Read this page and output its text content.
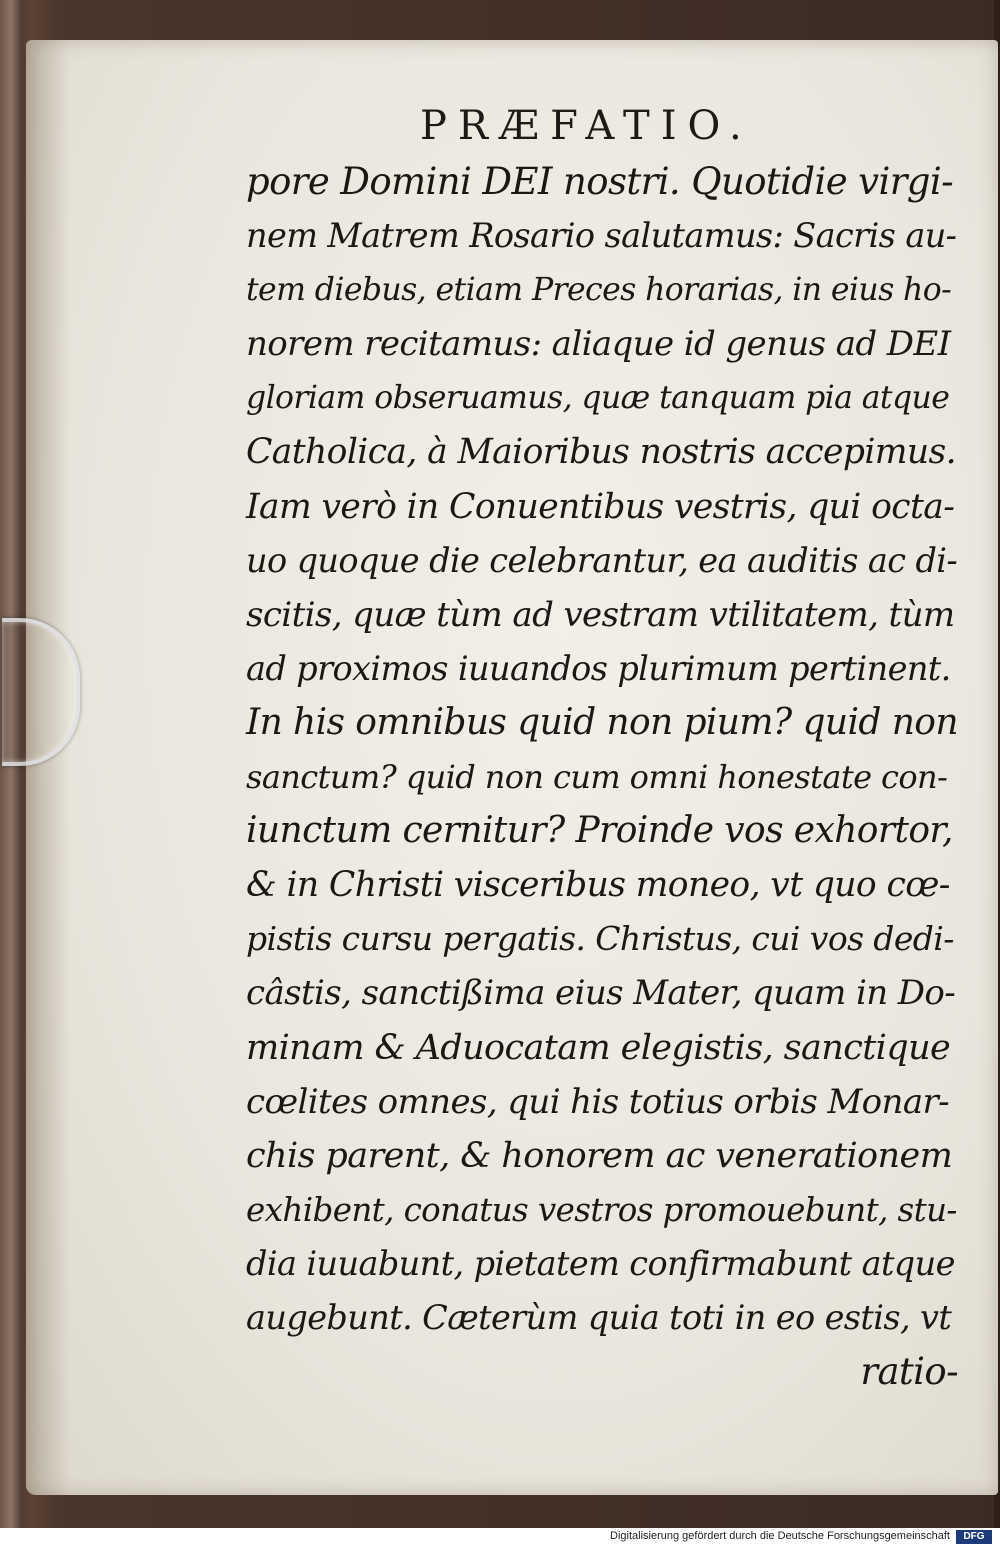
PRÆFATIO.
pore Domini DEI nostri. Quotidie virgi-
nem Matrem Rosario salutamus: Sacris au-
tem diebus, etiam Preces horarias, in eius ho-
norem recitamus: aliaque id genus ad DEI
gloriam obseruamus, quæ tanquam pia atque
Catholica, à Maioribus nostris accepimus.
Iam verò in Conuentibus vestris, qui octa-
uo quoque die celebrantur, ea auditis ac di-
scitis, quæ tùm ad vestram vtilitatem, tùm
ad proximos iuuandos plurimum pertinent.
In his omnibus quid non pium? quid non
sanctum? quid non cum omni honestate con-
iunctum cernitur? Proinde vos exhortor,
& in Christi visceribus moneo, vt quo cœ-
pistis cursu pergatis. Christus, cui vos dedi-
câstis, sanctißima eius Mater, quam in Do-
minam & Aduocatam elegistis, sanctique
cœlites omnes, qui his totius orbis Monar-
chis parent, & honorem ac venerationem
exhibent, conatus vestros promouebunt, stu-
dia iuuabunt, pietatem confirmabunt atque
augebunt. Cæterùm quia toti in eo estis, vt
ratio-
Digitalisierung gefördert durch die Deutsche Forschungsgemeinschaft	DFG
